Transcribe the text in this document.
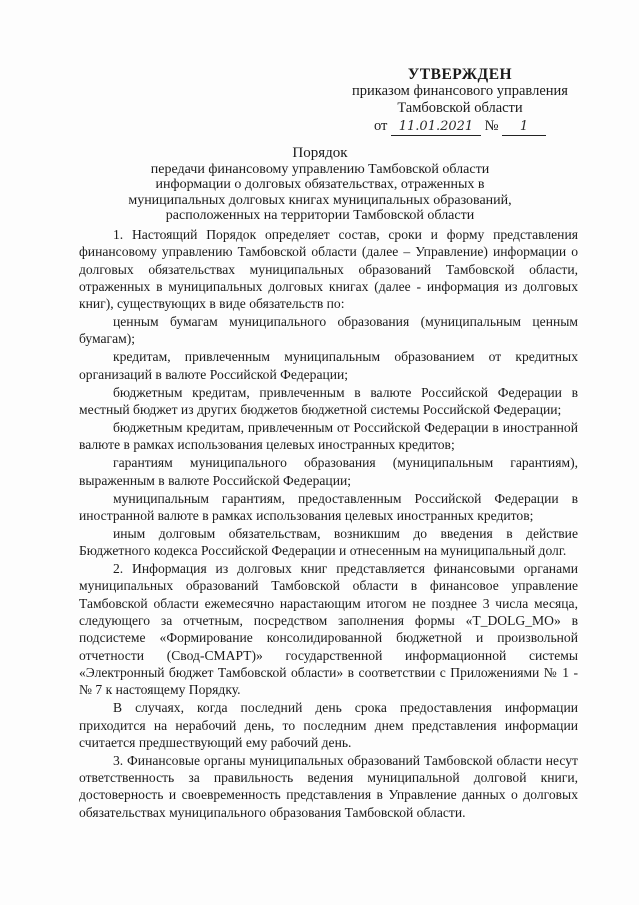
УТВЕРЖДЕН
приказом финансового управления
Тамбовской области
от 11.01.2021 № 1
Порядок
передачи финансовому управлению Тамбовской области
информации о долговых обязательствах, отраженных в
муниципальных долговых книгах муниципальных образований,
расположенных на территории Тамбовской области

1. Настоящий Порядок определяет состав, сроки и форму представления финансовому управлению Тамбовской области (далее – Управление) информации о долговых обязательствах муниципальных образований Тамбовской области, отраженных в муниципальных долговых книгах (далее - информация из долговых книг), существующих в виде обязательств по:

ценным бумагам муниципального образования (муниципальным ценным бумагам);

кредитам, привлеченным муниципальным образованием от кредитных организаций в валюте Российской Федерации;

бюджетным кредитам, привлеченным в валюте Российской Федерации в местный бюджет из других бюджетов бюджетной системы Российской Федерации;

бюджетным кредитам, привлеченным от Российской Федерации в иностранной валюте в рамках использования целевых иностранных кредитов;

гарантиям муниципального образования (муниципальным гарантиям), выраженным в валюте Российской Федерации;

муниципальным гарантиям, предоставленным Российской Федерации в иностранной валюте в рамках использования целевых иностранных кредитов;

иным долговым обязательствам, возникшим до введения в действие Бюджетного кодекса Российской Федерации и отнесенным на муниципальный долг.

2. Информация из долговых книг представляется финансовыми органами муниципальных образований Тамбовской области в финансовое управление Тамбовской области ежемесячно нарастающим итогом не позднее 3 числа месяца, следующего за отчетным, посредством заполнения формы «T_DOLG_MO» в подсистеме «Формирование консолидированной бюджетной и произвольной отчетности (Свод-СМАРТ)» государственной информационной системы «Электронный бюджет Тамбовской области» в соответствии с Приложениями № 1 - № 7 к настоящему Порядку.

В случаях, когда последний день срока предоставления информации приходится на нерабочий день, то последним днем представления информации считается предшествующий ему рабочий день.

3. Финансовые органы муниципальных образований Тамбовской области несут ответственность за правильность ведения муниципальной долговой книги, достоверность и своевременность представления в Управление данных о долговых обязательствах муниципального образования Тамбовской области.
